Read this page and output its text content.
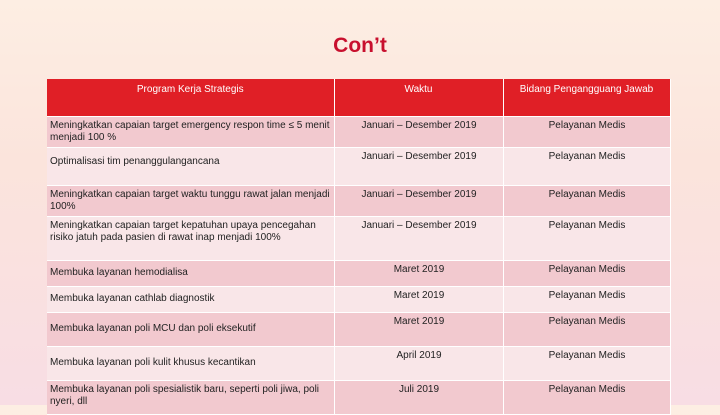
Con’t
Program Kerja Strategis	Waktu	Bidang Pengangguang Jawab
Meningkatkan capaian target emergency respon time ≤ 5 menit menjadi 100 %	Januari – Desember 2019	Pelayanan Medis
Optimalisasi tim penanggulangancana	Januari – Desember 2019	Pelayanan Medis
Meningkatkan capaian target waktu tunggu rawat jalan menjadi 100%	Januari – Desember 2019	Pelayanan Medis
Meningkatkan capaian target kepatuhan upaya pencegahan risiko jatuh pada pasien di rawat inap menjadi 100%	Januari – Desember 2019	Pelayanan Medis
Membuka layanan hemodialisa	Maret 2019	Pelayanan Medis
Membuka layanan cathlab diagnostik	Maret 2019	Pelayanan Medis
Membuka layanan poli MCU dan poli eksekutif	Maret 2019	Pelayanan Medis
Membuka layanan poli kulit khusus kecantikan	April 2019	Pelayanan Medis
Membuka layanan poli spesialistik baru, seperti poli jiwa, poli nyeri, dll	Juli 2019	Pelayanan Medis
